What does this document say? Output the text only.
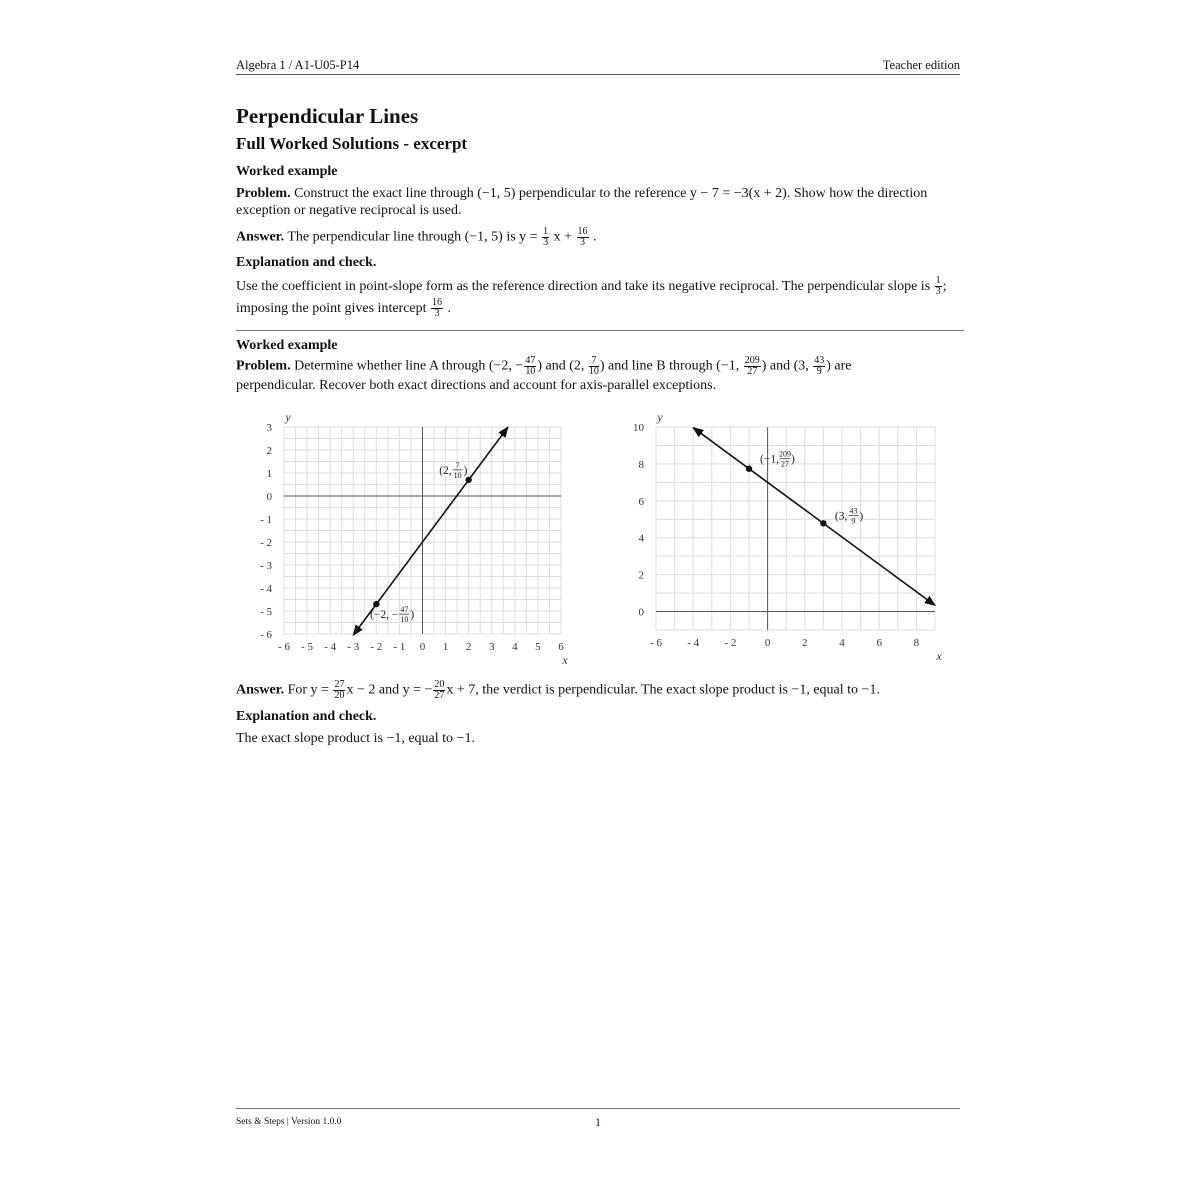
Algebra 1 / A1-U05-P14	Teacher edition
Perpendicular Lines
Full Worked Solutions - excerpt
Worked example
Problem. Construct the exact line through (−1, 5) perpendicular to the reference y − 7 = −3(x + 2). Show how the direction
exception or negative reciprocal is used.
Answer. The perpendicular line through (−1, 5) is $y = \frac{1}{3}$ $x + \frac{16}{3}$ .
Explanation and check.
Use the coefficient in point-slope form as the reference direction and take its negative reciprocal. The perpendicular slope is $\frac{1}{3}$ ;
imposing the point gives intercept $\frac{16}{3}$ .
Worked example
Problem. Determine whether line A through (−2, − $\frac{47}{10}$ ) and (2, $\frac{7}{10}$ ) and line B through (−1, $\frac{209}{27}$ ) and (3, $\frac{43}{9}$ ) are
perpendicular. Recover both exact directions and account for axis-parallel exceptions.
- 6 - 5 - 4 - 3 - 2 - 1 0 1 2 3 4 5 6
3
2
1
0
- 1
- 2
- 3
- 4
- 5
- 6
x
y
(−2, − 47
10 )
(2, 7
10 )
- 6 - 4 - 2	0	2	4	6	8
10
8
6
4
2
0
x
y
(−1, 209
27 )
(3, 43
9 )
Answer. For $y = \frac{27}{20}$ x − 2 and y = − $\frac{20}{27}$ x + 7, the verdict is perpendicular. The exact slope product is −1, equal to −1.
Explanation and check.
The exact slope product is −1, equal to −1.
Sets & Steps | Version 1.0.0	1
